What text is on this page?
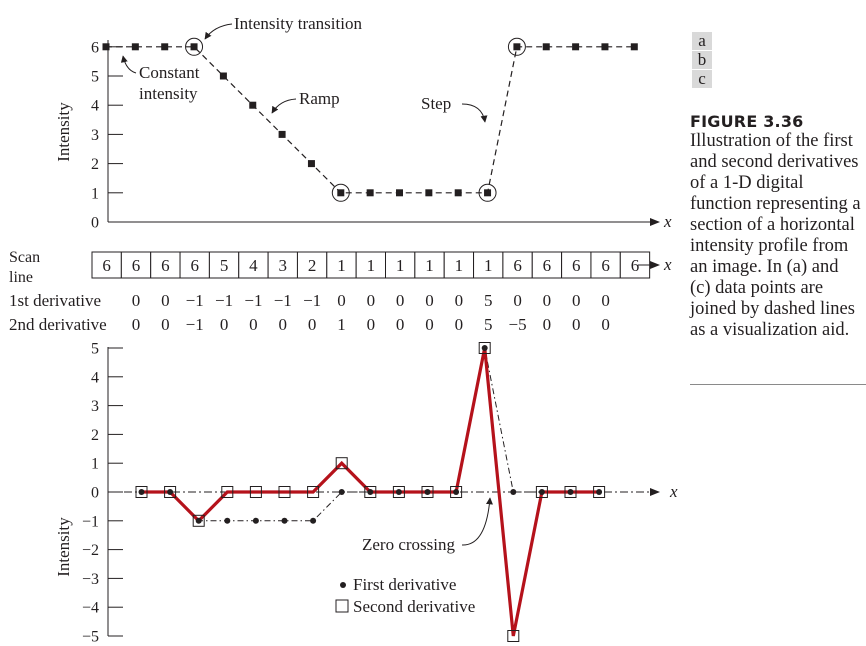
x
Intensity
0
1
2
3
4
5
6
Intensity transition
Constant
intensity	Ramp	Step
Scan
line
6 6 6 6 5 4 3 2 1 1 1 1 1 1 6 6 6 6 6 x
1st derivative
2nd derivative
0 0 −1 −1 −1 −1 −1 0 0 0 0 0 5 0 0 0 0
0 0 −1 0 0 0 0 1 0 0 0 0 5 −5 0 0 0
x
Intensity
5
4
3
2
1
0
−1
−2
−3
−4
−5
Zero crossing
First derivative
Second derivative
a
b
c
FIGURE 3.36
Illustration of the first and second derivatives of a 1-D digital function representing a section of a horizontal intensity profile from an image. In (a) and (c) data points are joined by dashed lines as a visualization aid.
